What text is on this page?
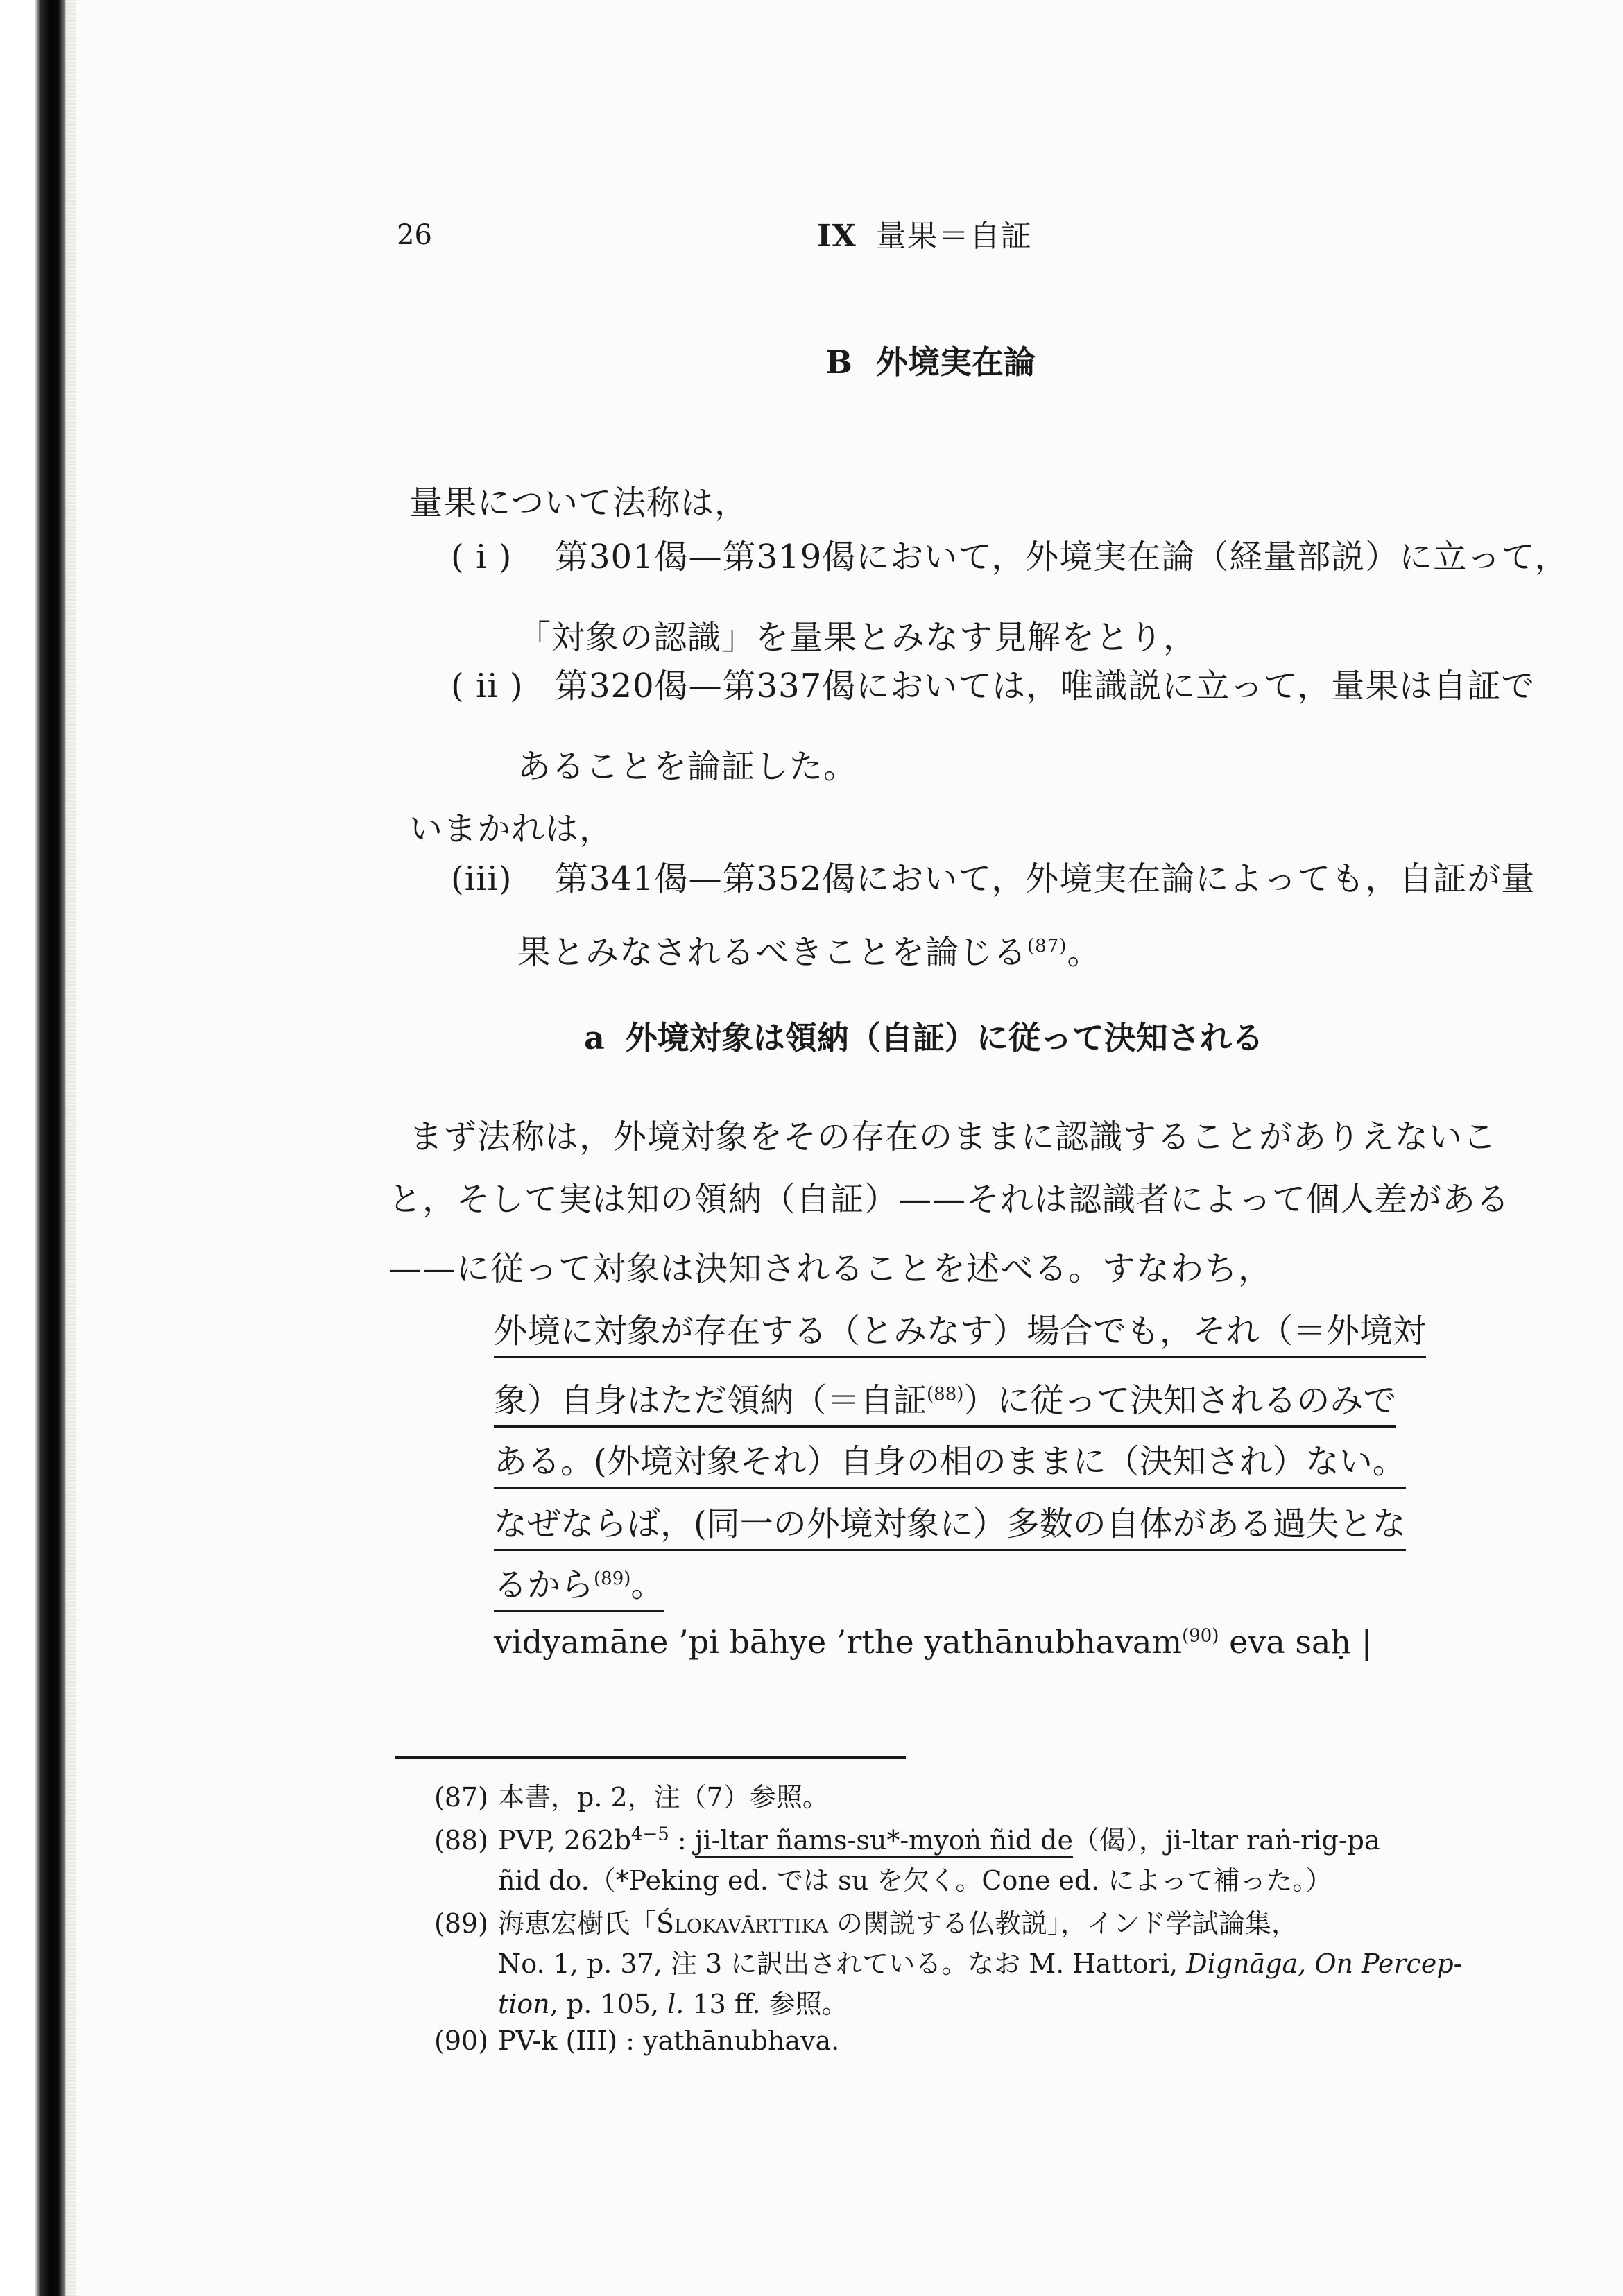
26	IX 量果＝自証
B 外境実在論
量果について法称は，
( i ) 第301偈—第319偈において，外境実在論（経量部説）に立って，
「対象の認識」を量果とみなす見解をとり，
( ii ) 第320偈—第337偈においては，唯識説に立って，量果は自証で
あることを論証した。
いまかれは，
(iii) 第341偈—第352偈において，外境実在論によっても，自証が量
果とみなされるべきことを論じる$^{(87)}$。
a 外境対象は領納（自証）に従って決知される
まず法称は，外境対象をその存在のままに認識することがありえないこ
と，そして実は知の領納（自証）——それは認識者によって個人差がある
——に従って対象は決知されることを述べる。すなわち，
外境に対象が存在する（とみなす）場合でも，それ（＝外境対
象）自身はただ領納（＝自証$^{(88)}$）に従って決知されるのみで
ある。(外境対象それ）自身の相のままに（決知され）ない。
なぜならば，(同一の外境対象に）多数の自体がある過失とな
るから$^{(89)}$。
vidyamāne ’pi bāhye ’rthe yathānubhavam$^{(90)}$ eva saḥ |
(87) 本書，p. 2，注（7）参照。
(88) PVP, $262b^{4-5}$ : ji-ltar ñams-su*-myoṅ ñid de（偈），ji-ltar raṅ-rig-pa
ñid do.（*Peking ed. では su を欠く。Cone ed. によって補った。）
(89) 海恵宏樹氏「Ślokavārttika の関説する仏教説」，インド学試論集，
No. 1, p. 37, 注 3 に訳出されている。なお M. Hattori, Dignāga, On Percep-
tion, p. 105, l. 13 ff. 参照。
(90) PV-k (III) : yathānubhava.
